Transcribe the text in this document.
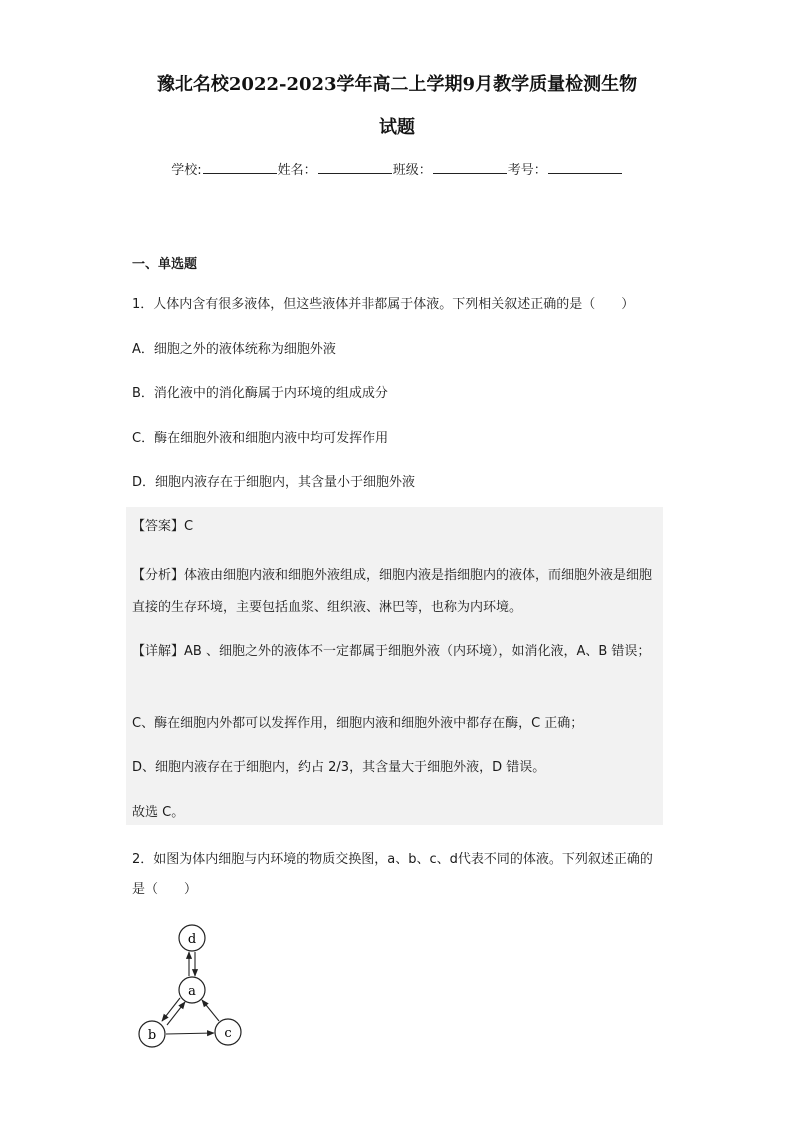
豫北名校2022-2023学年高二上学期9月教学质量检测生物
试题
学校:	姓名：	班级：	考号：
一、单选题
1．人体内含有很多液体，但这些液体并非都属于体液。下列相关叙述正确的是（　　）
A．细胞之外的液体统称为细胞外液
B．消化液中的消化酶属于内环境的组成成分
C．酶在细胞外液和细胞内液中均可发挥作用
D．细胞内液存在于细胞内，其含量小于细胞外液
【答案】C
【分析】体液由细胞内液和细胞外液组成，细胞内液是指细胞内的液体，而细胞外液是细胞直接的生存环境，主要包括血浆、组织液、淋巴等，也称为内环境。
【详解】AB 、细胞之外的液体不一定都属于细胞外液（内环境），如消化液，A、B 错误；
C、酶在细胞内外都可以发挥作用，细胞内液和细胞外液中都存在酶，C 正确；
D、细胞内液存在于细胞内，约占 2/3，其含量大于细胞外液，D 错误。
故选 C。
2．如图为体内细胞与内环境的物质交换图，a、b、c、d代表不同的体液。下列叙述正确的是（　　）
d
a
b	c
